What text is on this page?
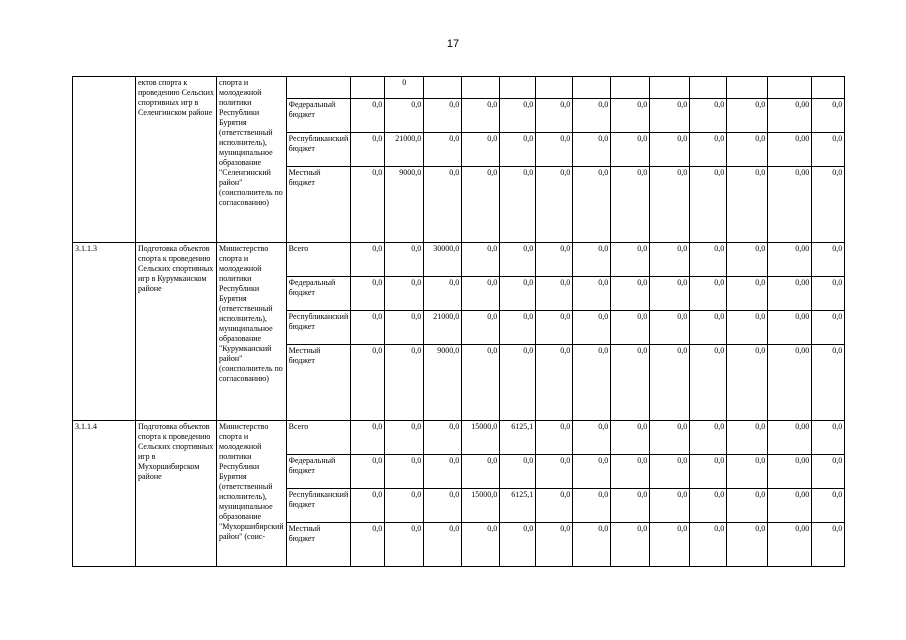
17
	ектов спорта к проведению Сельских спортивных игр в Селенгинском районе	спорта и молодежной политики Республики Бурятия (ответственный исполнитель), муниципальное образование "Селенгинский район" (соисполнитель по согласованию)			0											
			Федеральный бюджет	0,0	0,0	0,0	0,0	0,0	0,0	0,0	0,0	0,0	0,0	0,0	0,00	0,0
			Республиканский бюджет	0,0	21000,0	0,0	0,0	0,0	0,0	0,0	0,0	0,0	0,0	0,0	0,00	0,0
			Местный бюджет	0,0	9000,0	0,0	0,0	0,0	0,0	0,0	0,0	0,0	0,0	0,0	0,00	0,0
3.1.1.3	Подготовка объектов спорта к проведению Сельских спортивных игр в Курумканском районе	Министерство спорта и молодежной политики Республики Бурятия (ответственный исполнитель), муниципальное образование "Курумканский район" (соисполнитель по согласованию)	Всего	0,0	0,0	30000,0	0,0	0,0	0,0	0,0	0,0	0,0	0,0	0,0	0,00	0,0
			Федеральный бюджет	0,0	0,0	0,0	0,0	0,0	0,0	0,0	0,0	0,0	0,0	0,0	0,00	0,0
			Республиканский бюджет	0,0	0,0	21000,0	0,0	0,0	0,0	0,0	0,0	0,0	0,0	0,0	0,00	0,0
			Местный бюджет	0,0	0,0	9000,0	0,0	0,0	0,0	0,0	0,0	0,0	0,0	0,0	0,00	0,0
3.1.1.4	Подготовка объектов спорта к проведению Сельских спортивных игр в Мухоршибирском районе	Министерство спорта и молодежной политики Республики Бурятия (ответственный исполнитель), муниципальное образование "Мухоршибирский район" (соис-	Всего	0,0	0,0	0,0	15000,0	6125,1	0,0	0,0	0,0	0,0	0,0	0,0	0,00	0,0
			Федеральный бюджет	0,0	0,0	0,0	0,0	0,0	0,0	0,0	0,0	0,0	0,0	0,0	0,00	0,0
			Республиканский бюджет	0,0	0,0	0,0	15000,0	6125,1	0,0	0,0	0,0	0,0	0,0	0,0	0,00	0,0
			Местный бюджет	0,0	0,0	0,0	0,0	0,0	0,0	0,0	0,0	0,0	0,0	0,0	0,00	0,0
